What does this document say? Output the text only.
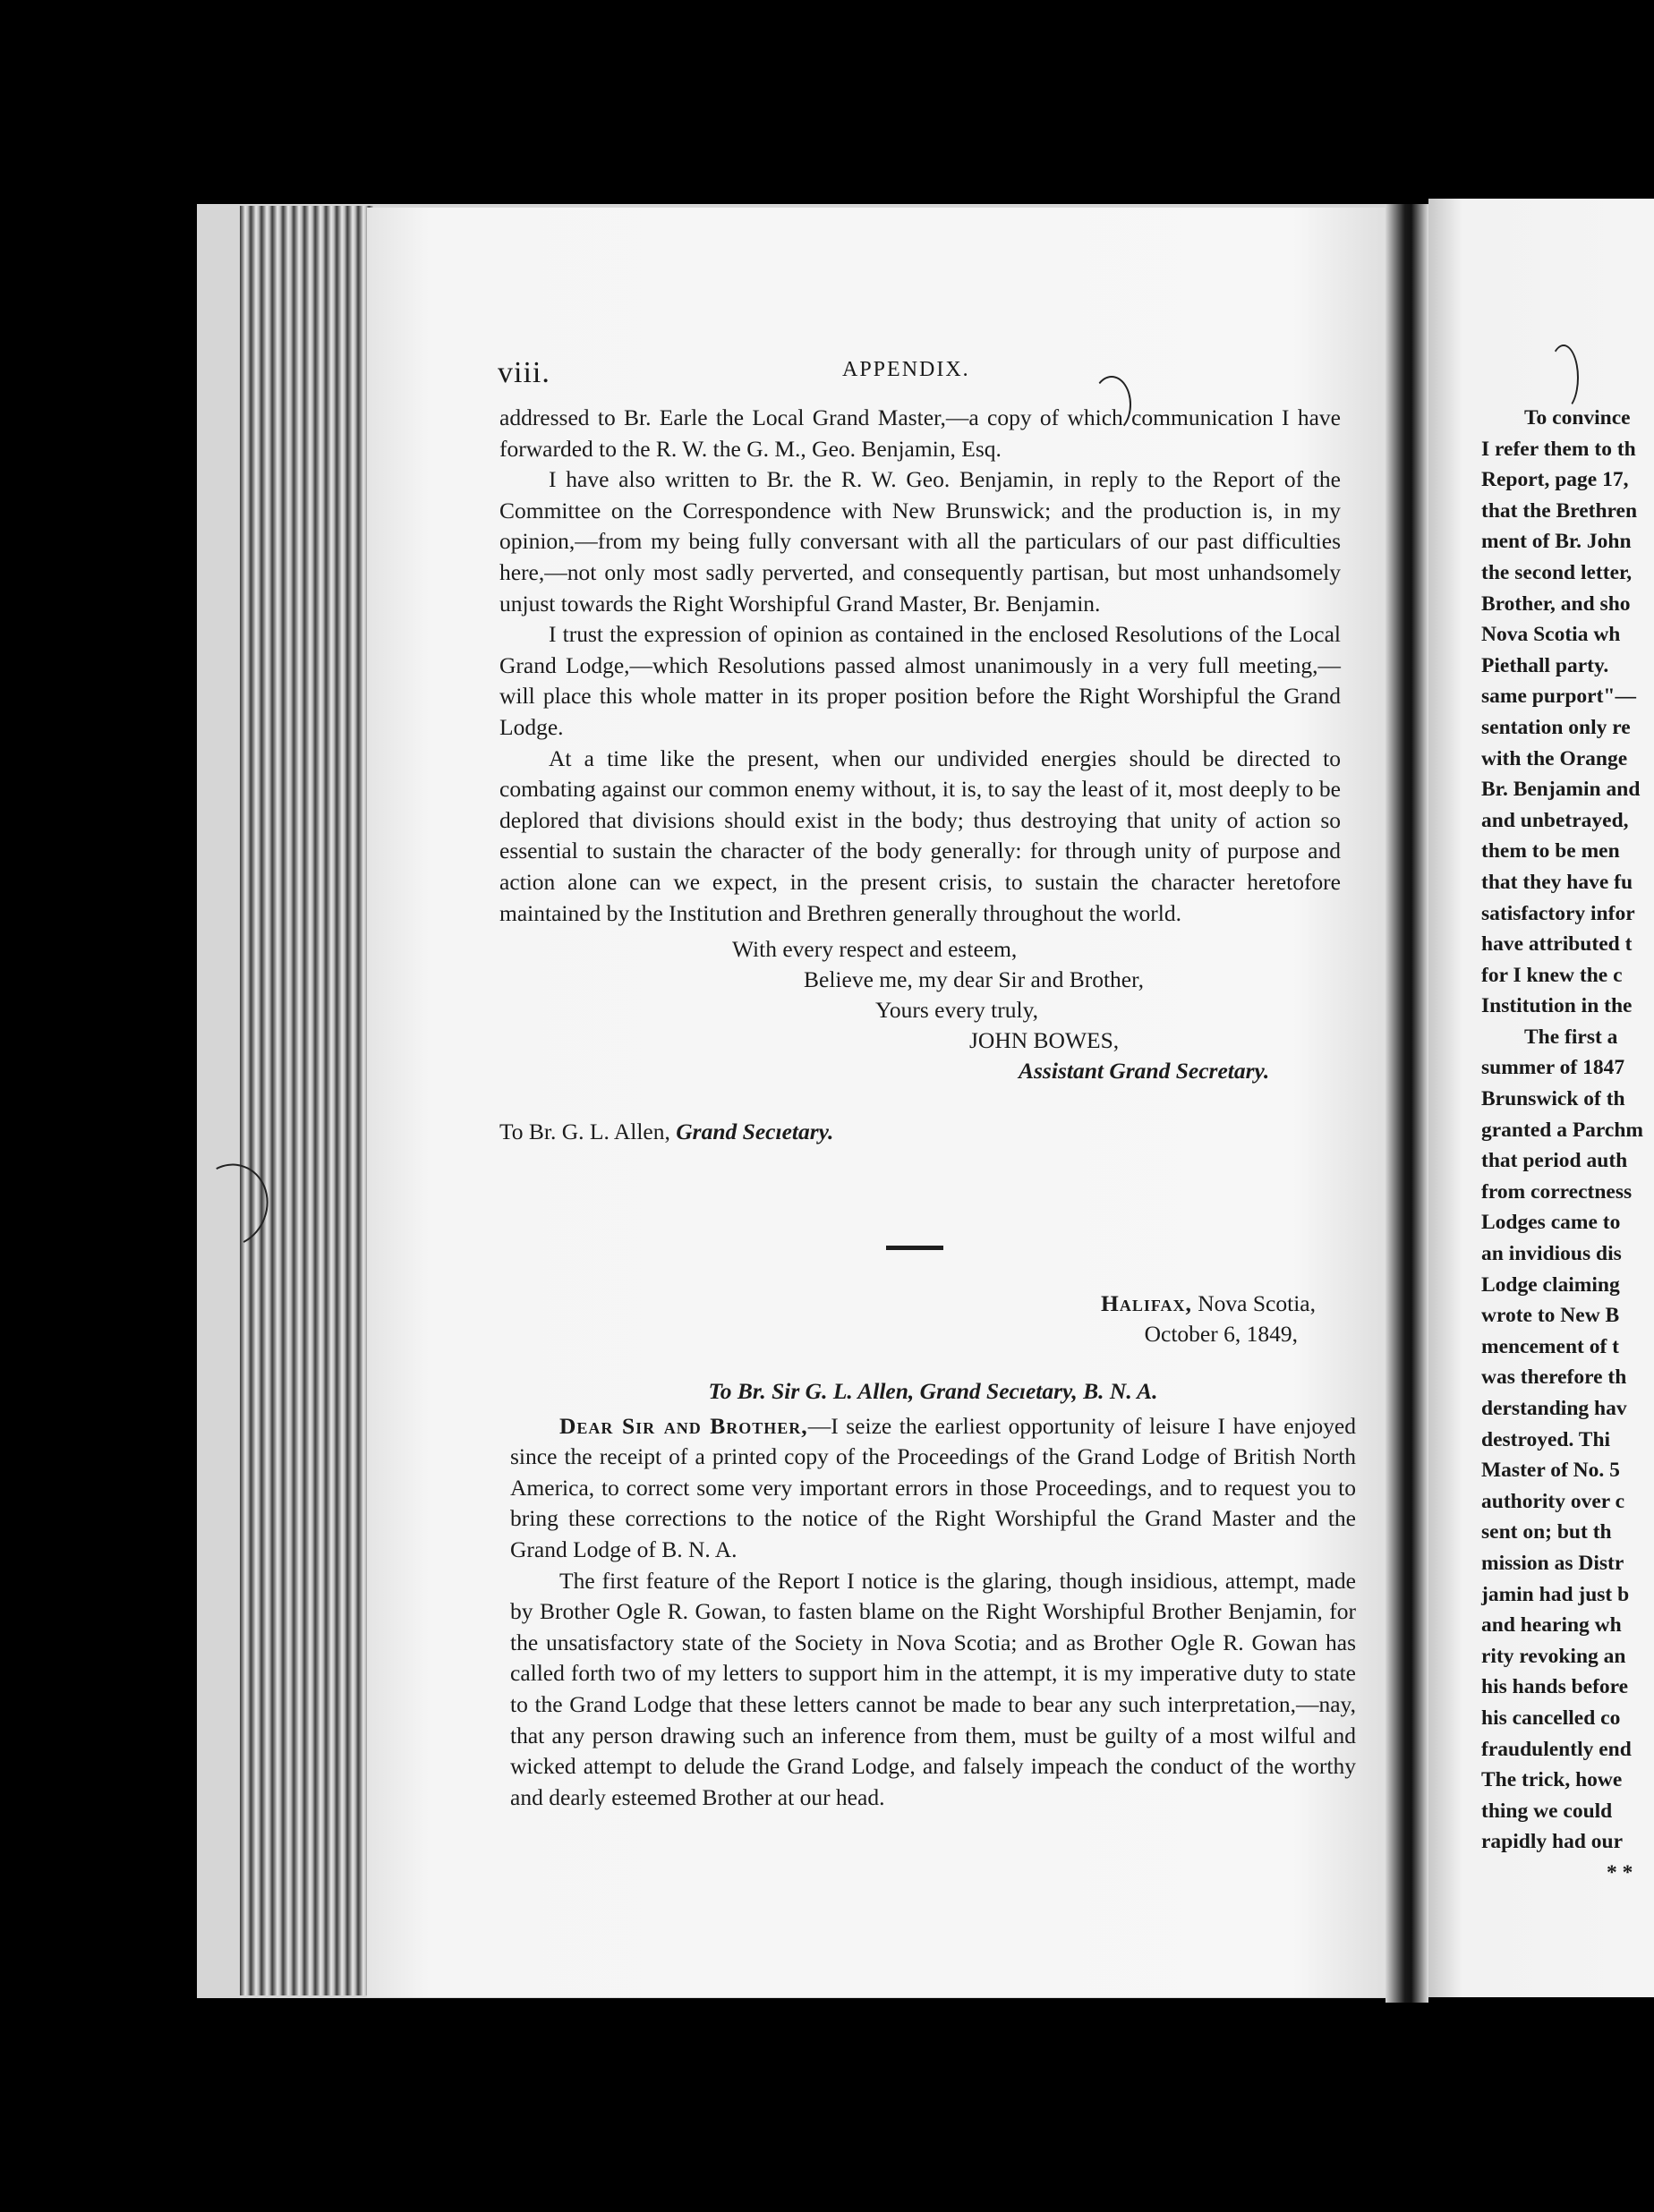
viii.	APPENDIX.

addressed to Br. Earle the Local Grand Master,—a copy of which communication I have forwarded to the R. W. the G. M., Geo. Benjamin, Esq.

I have also written to Br. the R. W. Geo. Benjamin, in reply to the Report of the Committee on the Correspondence with New Brunswick; and the production is, in my opinion,—from my being fully conversant with all the particulars of our past difficulties here,—not only most sadly perverted, and consequently partisan, but most unhandsomely unjust towards the Right Worshipful Grand Master, Br. Benjamin.

I trust the expression of opinion as contained in the enclosed Resolutions of the Local Grand Lodge,—which Resolutions passed almost unanimously in a very full meeting,—will place this whole matter in its proper position before the Right Worshipful the Grand Lodge.

At a time like the present, when our undivided energies should be directed to combating against our common enemy without, it is, to say the least of it, most deeply to be deplored that divisions should exist in the body; thus destroying that unity of action so essential to sustain the character of the body generally: for through unity of purpose and action alone can we expect, in the present crisis, to sustain the character heretofore maintained by the Institution and Brethren generally throughout the world.

With every respect and esteem,
Believe me, my dear Sir and Brother,
Yours every truly,
JOHN BOWES,
Assistant Grand Secretary.

To Br. G. L. Allen, Grand Secıetary.

Halifax, Nova Scotia,
October 6, 1849,

To Br. Sir G. L. Allen, Grand Secıetary, B. N. A.

Dear Sir and Brother,—I seize the earliest opportunity of leisure I have enjoyed since the receipt of a printed copy of the Proceedings of the Grand Lodge of British North America, to correct some very important errors in those Proceedings, and to request you to bring these corrections to the notice of the Right Worshipful the Grand Master and the Grand Lodge of B. N. A.

The first feature of the Report I notice is the glaring, though insidious, attempt, made by Brother Ogle R. Gowan, to fasten blame on the Right Worshipful Brother Benjamin, for the unsatisfactory state of the Society in Nova Scotia; and as Brother Ogle R. Gowan has called forth two of my letters to support him in the attempt, it is my imperative duty to state to the Grand Lodge that these letters cannot be made to bear any such interpretation,—nay, that any person drawing such an inference from them, must be guilty of a most wilful and wicked attempt to delude the Grand Lodge, and falsely impeach the conduct of the worthy and dearly esteemed Brother at our head.

To convince
I refer them to th
Report, page 17,
that the Brethren
ment of Br. John
the second letter,
Brother, and sho
Nova Scotia wh
Piethall party.
same purport"—
sentation only re
with the Orange
Br. Benjamin and
and unbetrayed,
them to be men
that they have fu
satisfactory infor
have attributed t
for I knew the c
Institution in the
The first a
summer of 1847
Brunswick of th
granted a Parchm
that period auth
from correctness
Lodges came to
an invidious dis
Lodge claiming
wrote to New B
mencement of t
was therefore th
derstanding hav
destroyed. Thi
Master of No. 5
authority over c
sent on; but th
mission as Distr
jamin had just b
and hearing wh
rity revoking an
his hands before
his cancelled co
fraudulently end
The trick, howe
thing we could
rapidly had our
* *
